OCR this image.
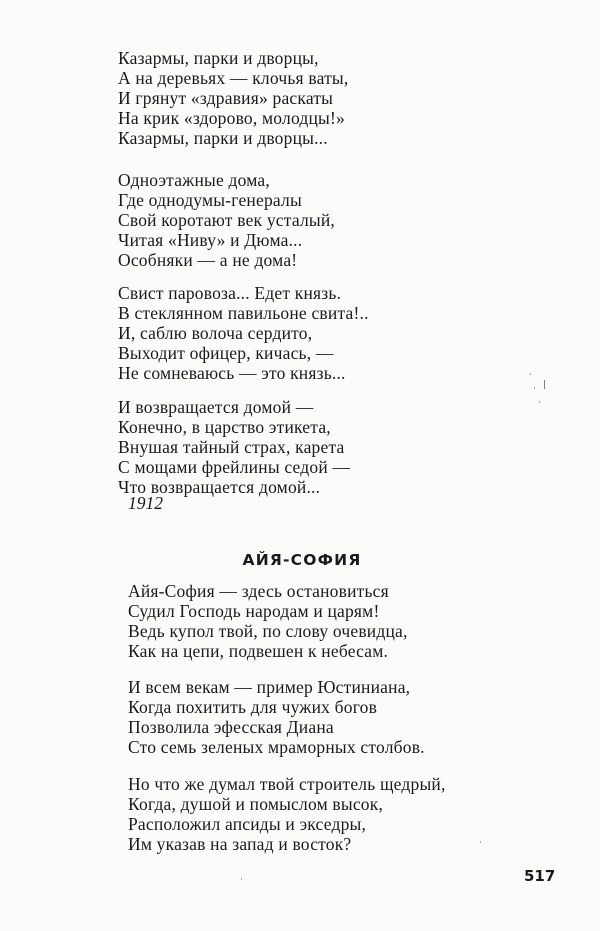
Казармы, парки и дворцы,
А на деревьях — клочья ваты,
И грянут «здравия» раскаты
На крик «здорово, молодцы!»
Казармы, парки и дворцы...
Одноэтажные дома,
Где однодумы-генералы
Свой коротают век усталый,
Читая «Ниву» и Дюма...
Особняки — а не дома!
Свист паровоза... Едет князь.
В стеклянном павильоне свита!..
И, саблю волоча сердито,
Выходит офицер, кичась, —
Не сомневаюсь — это князь...
И возвращается домой —
Конечно, в царство этикета,
Внушая тайный страх, карета
С мощами фрейлины седой —
Что возвращается домой...

1912

АЙЯ-СОФИЯ
Айя-София — здесь остановиться
Судил Господь народам и царям!
Ведь купол твой, по слову очевидца,
Как на цепи, подвешен к небесам.
И всем векам — пример Юстиниана,
Когда похитить для чужих богов
Позволила эфесская Диана
Сто семь зеленых мраморных столбов.
Но что же думал твой строитель щедрый,
Когда, душой и помыслом высок,
Расположил апсиды и экседры,
Им указав на запад и восток?

517

·
· |
·
·
·
